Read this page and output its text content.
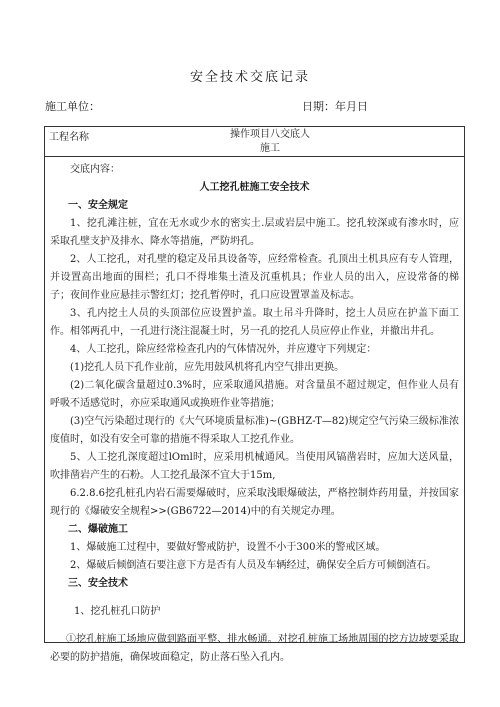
安全技术交底记录
施工单位：	日期：年月日
工程名称	操作项目八交底人
施工

交底内容：

人工挖孔桩施工安全技术

一、安全规定

1、挖孔滩注桩，宜在无水或少水的密实土.层或岩层中施工。挖孔较深或有渗水时，应采取孔壁支护及排水、降水等措施，严防坍孔。

2、人工挖孔，对孔壁的稳定及吊具设备等，应经常检查。孔顶出土机具应有专人管理，并设置高出地面的围栏；孔口不得堆集土渣及沉重机具；作业人员的出入，应设常备的梯子；夜间作业应悬挂示警红灯；挖孔暂停时，孔口应设置罩盖及标志。

3、孔内挖土人员的头顶部位应设置护盖。取土吊斗升降时，挖土人员应在护盖下面工作。相邻两孔中，一孔进行浇注混凝土时，另一孔的挖孔人员应停止作业，并撤出井孔。

4、人工挖孔，除应经常检查孔内的气体情况外，并应遵守下列规定：

(1)挖孔人员下孔作业前，应先用鼓风机将孔内空气排出更换。

(2)二氧化碳含量超过0.3%时，应采取通风措施。对含量虽不超过规定，但作业人员有呼吸不适感觉时，亦应采取通风或换班作业等措施；

(3)空气污染超过现行的《大气环境质量标准)~(GBHZ-T—82)规定空气污染三级标准浓度值时，如没有安全可靠的措施不得采取人工挖孔作业。

5、人工挖孔深度超过lOml时，应采用机械通风。当使用风镐凿岩时，应加大送风量，吹排凿岩产生的石粉。人工挖孔最深不宜大于15m,

6.2.8.6挖孔桩孔内岩石需要爆破时，应采取浅眼爆破法，严格控制炸药用量，并按国家现行的《爆破安全规程>>(GB6722—2014)中的有关规定办理。

二、爆破施工

1、爆破施工过程中，要做好警戒防护，设置不小于300米的警戒区域。

2、爆破后倾倒渣石要注意下方是否有人员及车辆经过，确保安全后方可倾倒渣石。

三、安全技术

1、挖孔桩孔口防护

①挖孔桩施工场地应做到路面平整、排水畅通。对挖孔桩施工场地周围的挖方边坡要采取必要的防护措施，确保坡面稳定，防止落石坠入孔内。
